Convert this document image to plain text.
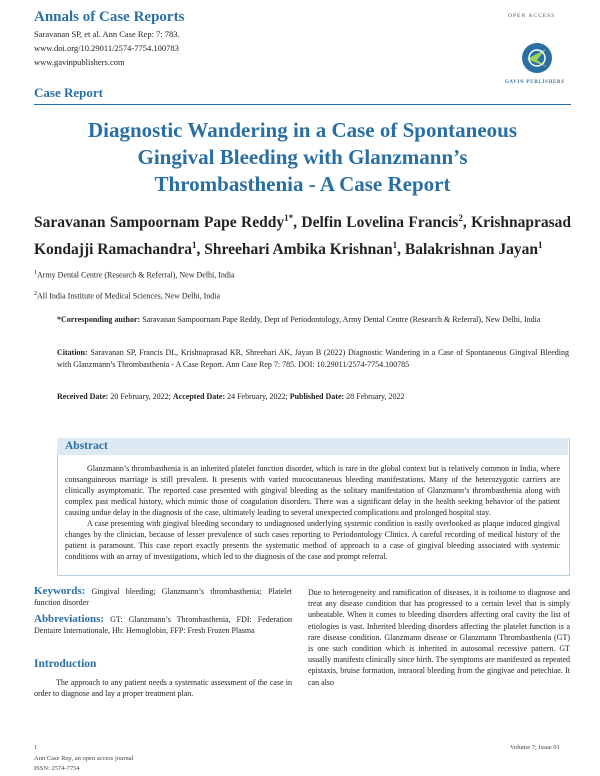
Annals of Case Reports
Saravanan SP, et al. Ann Case Rep: 7: 783.
www.doi.org/10.29011/2574-7754.100783
www.gavinpublishers.com
OPEN ACCESS
GAVIN PUBLISHERS
Case Report
Diagnostic Wandering in a Case of Spontaneous
Gingival Bleeding with Glanzmann’s
Thrombasthenia - A Case Report
Saravanan Sampoornam Pape Reddy$^{1*}$, Delfin Lovelina Francis$^2$, Krishnaprasad Kondajji Ramachandra$^1$, Shreehari Ambika Krishnan$^1$, Balakrishnan Jayan$^1$
$^1$Army Dental Centre (Research & Referral), New Delhi, India
$^2$All India Institute of Medical Sciences, New Delhi, India
*Corresponding author: Saravanan Sampoornam Pape Reddy, Dept of Periodontology, Army Dental Centre (Research & Referral), New Delhi, India
Citation: Saravanan SP, Francis DL, Krishnaprasad KR, Shreehari AK, Jayan B (2022) Diagnostic Wandering in a Case of Spontaneous Gingival Bleeding with Glanzmann’s Thrombasthenia - A Case Report. Ann Case Rep 7: 785. DOI: 10.29011/2574-7754.100785
Received Date: 20 February, 2022; Accepted Date: 24 February, 2022; Published Date: 28 February, 2022
Abstract
Glanzmann’s thrombasthenia is an inherited platelet function disorder, which is rare in the global context but is relatively common in India, where consanguineous marriage is still prevalent. It presents with varied mucocutaneous bleeding manifestations. Many of the heterozygotic carriers are clinically asymptomatic. The reported case presented with gingival bleeding as the solitary manifestation of Glanzmann’s thrombasthenia along with complex past medical history, which mimic those of coagulation disorders. There was a significant delay in the health seeking behavior of the patient causing undue delay in the diagnosis of the case, ultimately leading to several unexpected complications and prolonged hospital stay.
A case presenting with gingival bleeding secondary to undiagnosed underlying systemic condition is easily overlooked as plaque induced gingival changes by the clinician, because of lesser prevalence of such cases reporting to Periodontology Clinics. A careful recording of medical history of the patient is paramount. This case report exactly presents the systematic method of approach to a case of gingival bleeding associated with systemic conditions with an array of investigations, which led to the diagnosis of the case and prompt referral.
Keywords: Gingival bleeding; Glanzmann’s thrombasthenia; Platelet function disorder
Abbreviations: GT: Glanzmann’s Thrombasthenia, FDI: Federation Dentaire Internationale, Hb: Hemoglobin, FFP: Fresh Frozen Plasma
Introduction
The approach to any patient needs a systematic assessment of the case in order to diagnose and lay a proper treatment plan.
Due to heterogeneity and ramification of diseases, it is toilsome to diagnose and treat any disease condition that has progressed to a certain level that is simply unbeatable. When it comes to bleeding disorders affecting oral cavity the list of etiologies is vast. Inherited bleeding disorders affecting the platelet function is a rare disease condition. Glanzmann disease or Glanzmann Thrombasthenia (GT) is one such condition which is inherited in autosomal recessive pattern. GT usually manifests clinically since birth. The symptoms are manifested as repeated epistaxis, bruise formation, intraoral bleeding from the gingivae and petechiae. It can also
1	Volume 7; Issue 01
Ann Case Rep, an open access journal
ISSN: 2574-7754
